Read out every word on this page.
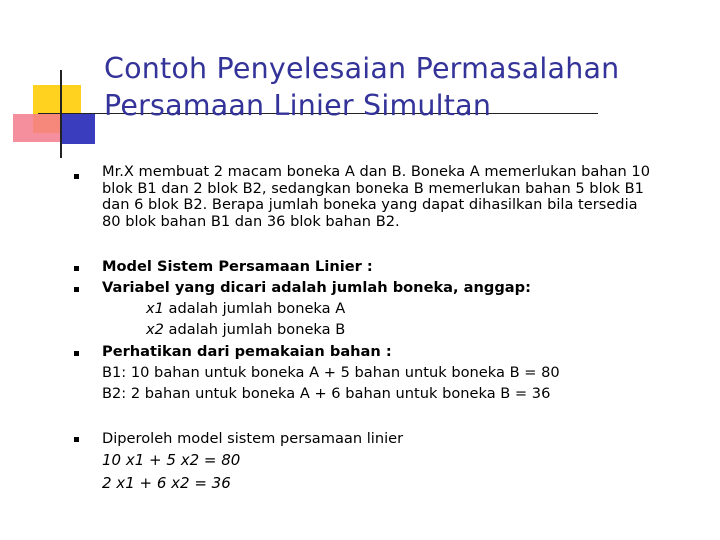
Contoh Penyelesaian Permasalahan
Persamaan Linier Simultan
Mr.X membuat 2 macam boneka A dan B. Boneka A memerlukan bahan 10
blok B1 dan 2 blok B2, sedangkan boneka B memerlukan bahan 5 blok B1
dan 6 blok B2. Berapa jumlah boneka yang dapat dihasilkan bila tersedia
80 blok bahan B1 dan 36 blok bahan B2.
Model Sistem Persamaan Linier :
Variabel yang dicari adalah jumlah boneka, anggap:
x1 adalah jumlah boneka A
x2 adalah jumlah boneka B
Perhatikan dari pemakaian bahan :
B1: 10 bahan untuk boneka A + 5 bahan untuk boneka B = 80
B2: 2 bahan untuk boneka A + 6 bahan untuk boneka B = 36
Diperoleh model sistem persamaan linier
10 x1 + 5 x2 = 80
2 x1 + 6 x2 = 36
